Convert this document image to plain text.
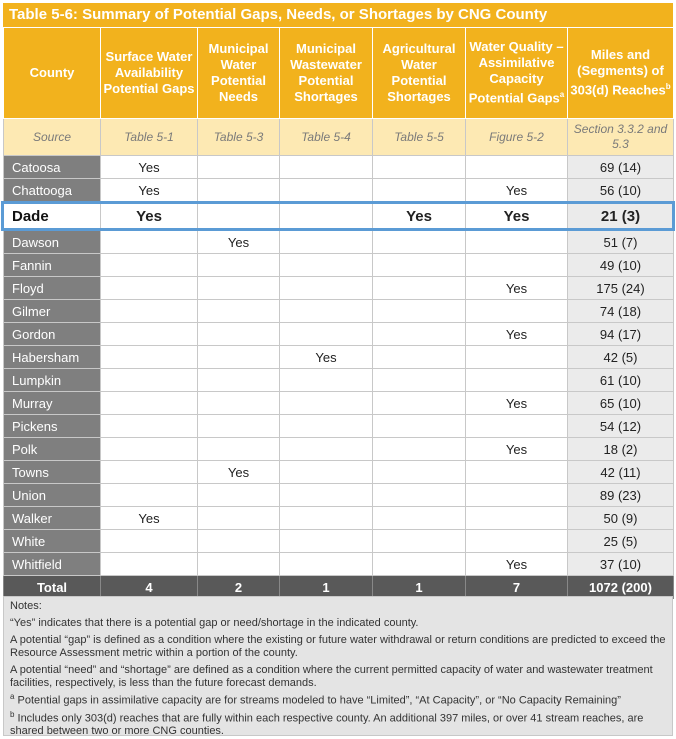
Table 5-6: Summary of Potential Gaps, Needs, or Shortages by CNG County
County	Surface Water Availability Potential Gaps	Municipal Water Potential Needs	Municipal Wastewater Potential Shortages	Agricultural Water Potential Shortages	Water Quality – Assimilative Capacity Potential Gaps$^a$	Miles and (Segments) of 303(d) Reaches$^b$
Source	Table 5-1	Table 5-3	Table 5-4	Table 5-5	Figure 5-2	Section 3.3.2 and 5.3
Catoosa	Yes					69 (14)
Chattooga	Yes				Yes	56 (10)
Dade	Yes			Yes	Yes	21 (3)
Dawson		Yes				51 (7)
Fannin						49 (10)
Floyd					Yes	175 (24)
Gilmer						74 (18)
Gordon					Yes	94 (17)
Habersham			Yes			42 (5)
Lumpkin						61 (10)
Murray					Yes	65 (10)
Pickens						54 (12)
Polk					Yes	18 (2)
Towns		Yes				42 (11)
Union						89 (23)
Walker	Yes					50 (9)
White						25 (5)
Whitfield					Yes	37 (10)
Total	4	2	1	1	7	1072 (200)

Notes:

“Yes” indicates that there is a potential gap or need/shortage in the indicated county.

A potential “gap” is defined as a condition where the existing or future water withdrawal or return conditions are predicted to exceed the Resource Assessment metric within a portion of the county.

A potential “need” and “shortage” are defined as a condition where the current permitted capacity of water and wastewater treatment facilities, respectively, is less than the future forecast demands.

$^a$ Potential gaps in assimilative capacity are for streams modeled to have “Limited”, “At Capacity”, or “No Capacity Remaining”

$^b$ Includes only 303(d) reaches that are fully within each respective county. An additional 397 miles, or over 41 stream reaches, are shared between two or more CNG counties.
